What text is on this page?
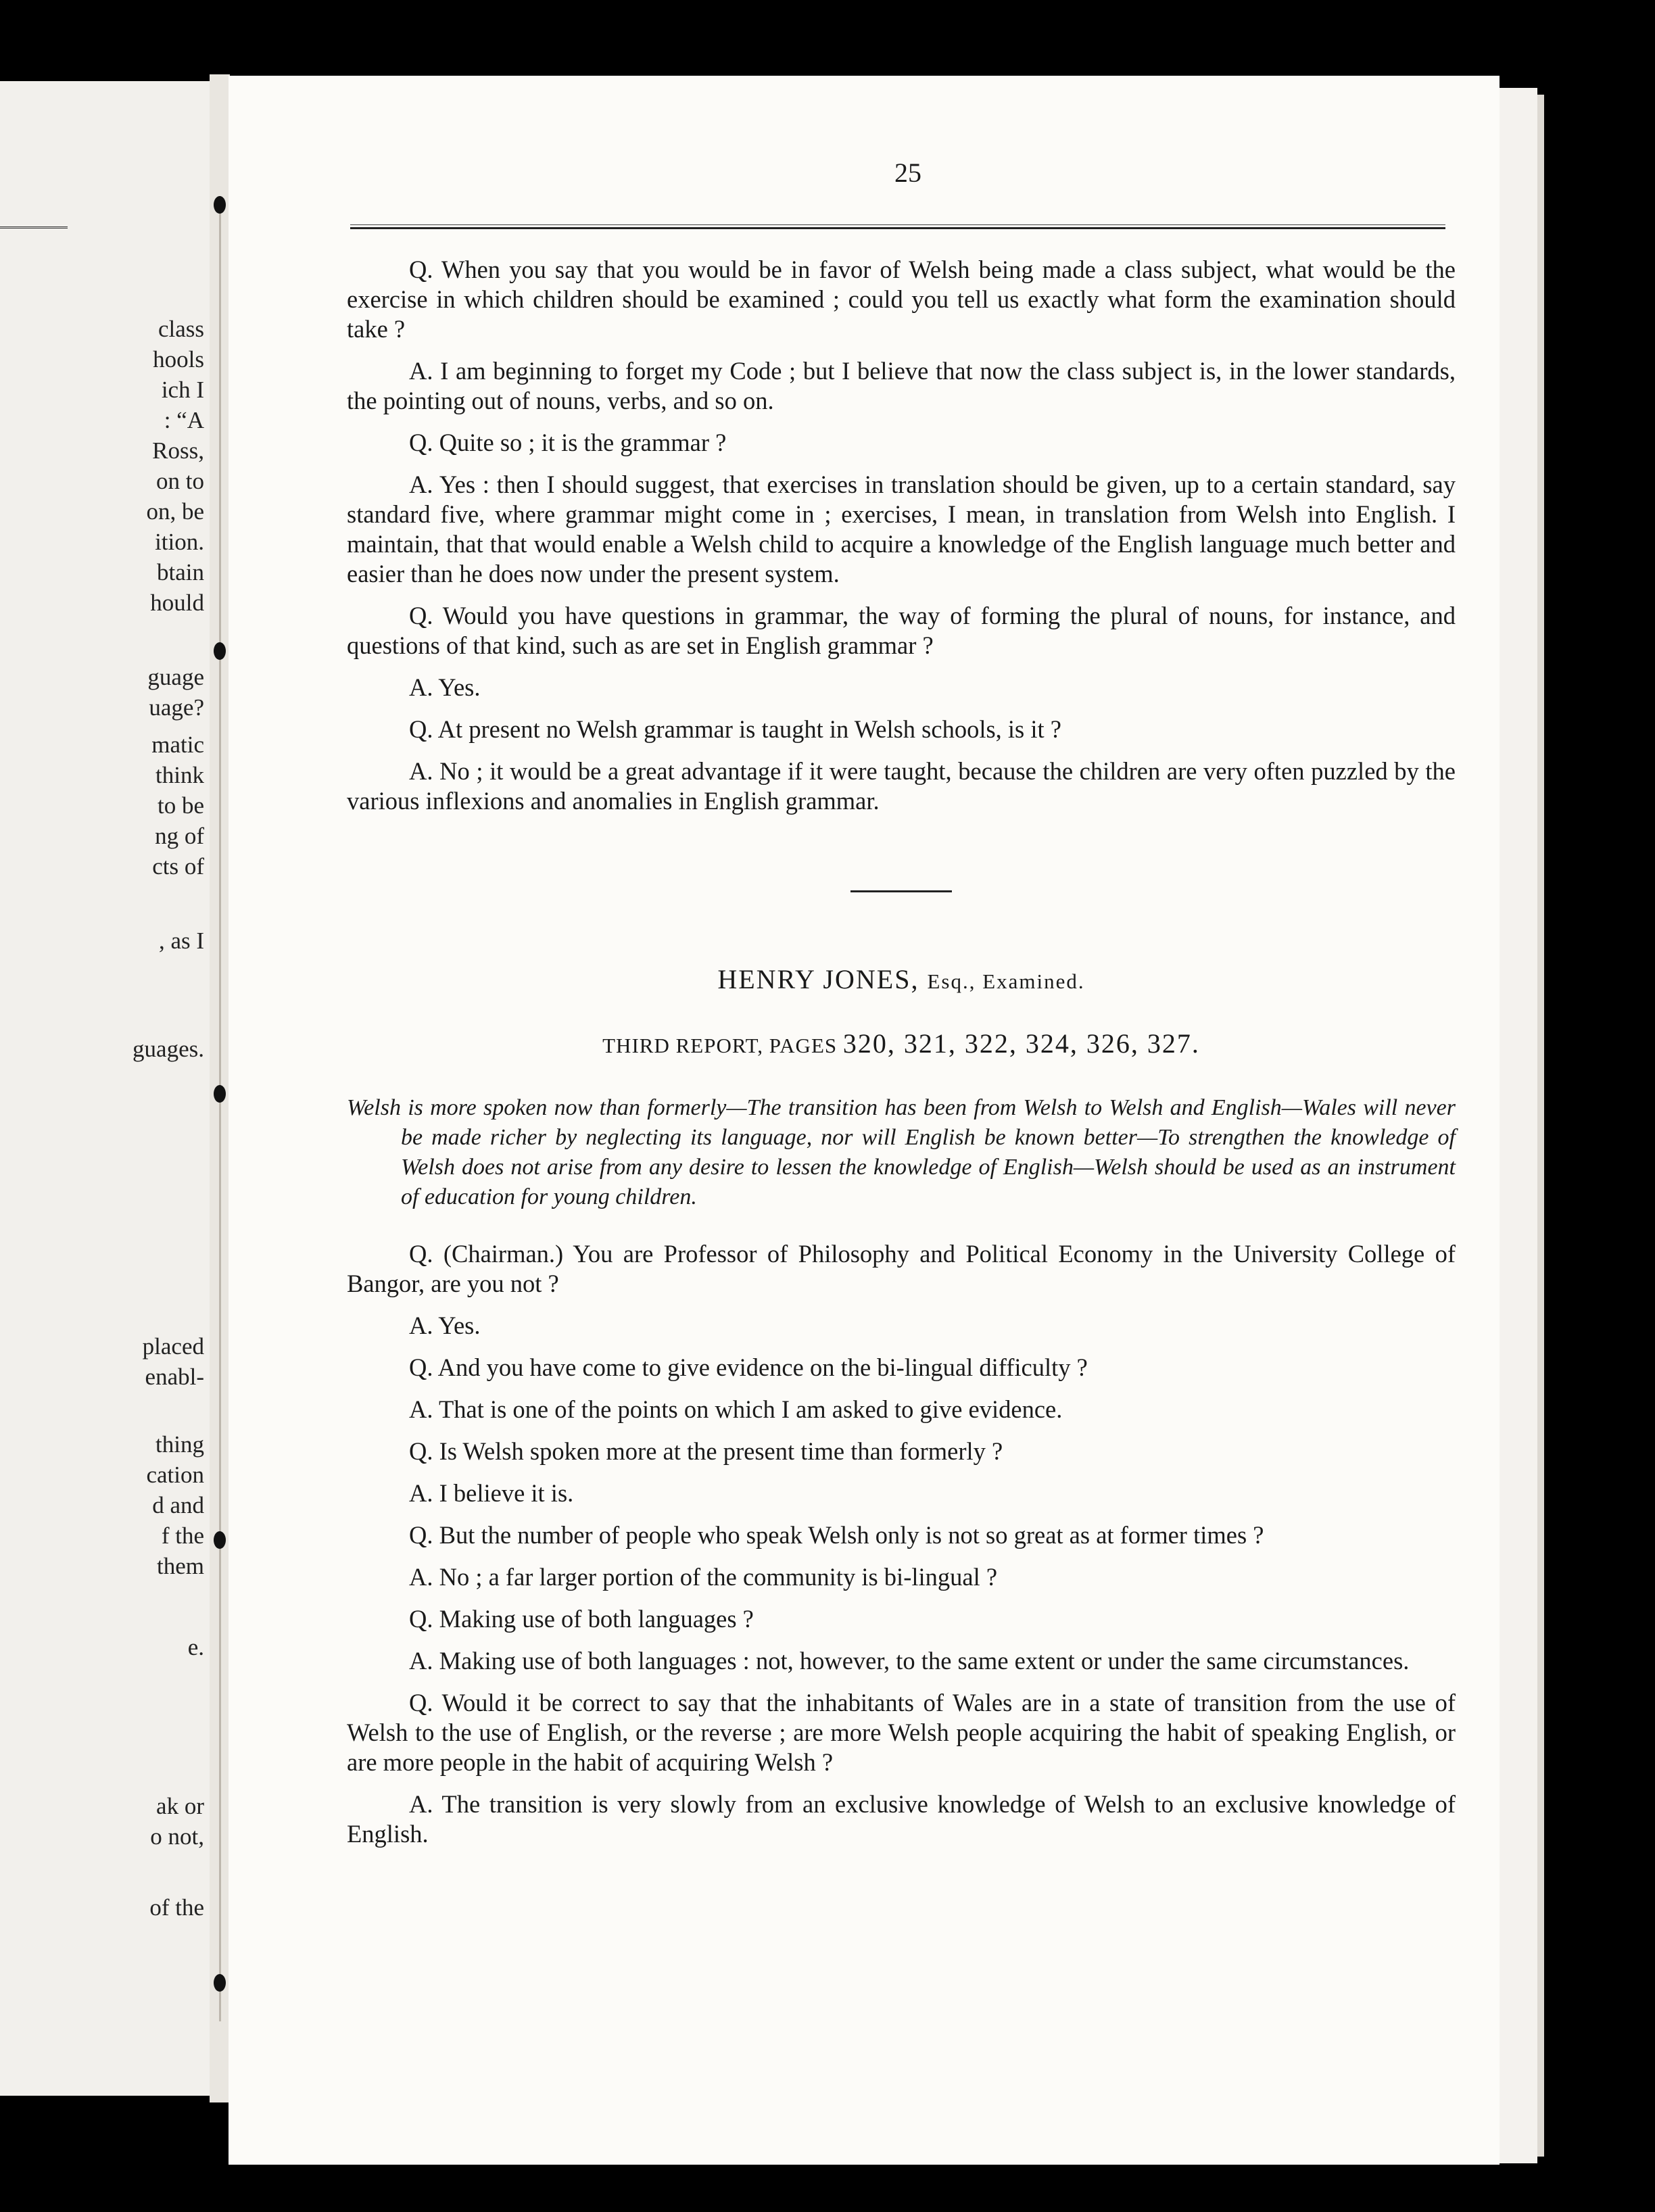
class
hools
ich I
: “A
Ross,
on to
on, be
ition.
btain
hould
guage
uage?
matic
think
to be
ng of
cts of
, as I
guages.
placed
enabl-
thing
cation
d and
f the
them
e.
ak or
o not,
of the
25

Q. When you say that you would be in favor of Welsh being made a class subject, what would be the exercise in which children should be examined ; could you tell us exactly what form the examination should take ?

A. I am beginning to forget my Code ; but I believe that now the class subject is, in the lower standards, the pointing out of nouns, verbs, and so on.

Q. Quite so ; it is the grammar ?

A. Yes : then I should suggest, that exercises in translation should be given, up to a certain standard, say standard five, where grammar might come in ; exercises, I mean, in translation from Welsh into English. I maintain, that that would enable a Welsh child to acquire a knowledge of the English language much better and easier than he does now under the present system.

Q. Would you have questions in grammar, the way of forming the plural of nouns, for instance, and questions of that kind, such as are set in English grammar ?

A. Yes.

Q. At present no Welsh grammar is taught in Welsh schools, is it ?

A. No ; it would be a great advantage if it were taught, because the children are very often puzzled by the various inflexions and anomalies in English grammar.

HENRY JONES, Esq., Examined.
THIRD REPORT, PAGES 320, 321, 322, 324, 326, 327.

Welsh is more spoken now than formerly—The transition has been from Welsh to Welsh and English—Wales will never be made richer by neglecting its language, nor will English be known better—To strengthen the knowledge of Welsh does not arise from any desire to lessen the knowledge of English—Welsh should be used as an instrument of education for young children.

Q. (Chairman.) You are Professor of Philosophy and Political Economy in the University College of Bangor, are you not ?

A. Yes.

Q. And you have come to give evidence on the bi-lingual difficulty ?

A. That is one of the points on which I am asked to give evidence.

Q. Is Welsh spoken more at the present time than formerly ?

A. I believe it is.

Q. But the number of people who speak Welsh only is not so great as at former times ?

A. No ; a far larger portion of the community is bi-lingual ?

Q. Making use of both languages ?

A. Making use of both languages : not, however, to the same extent or under the same circumstances.

Q. Would it be correct to say that the inhabitants of Wales are in a state of transition from the use of Welsh to the use of English, or the reverse ; are more Welsh people acquiring the habit of speaking English, or are more people in the habit of acquiring Welsh ?

A. The transition is very slowly from an exclusive knowledge of Welsh to an exclusive knowledge of English.
